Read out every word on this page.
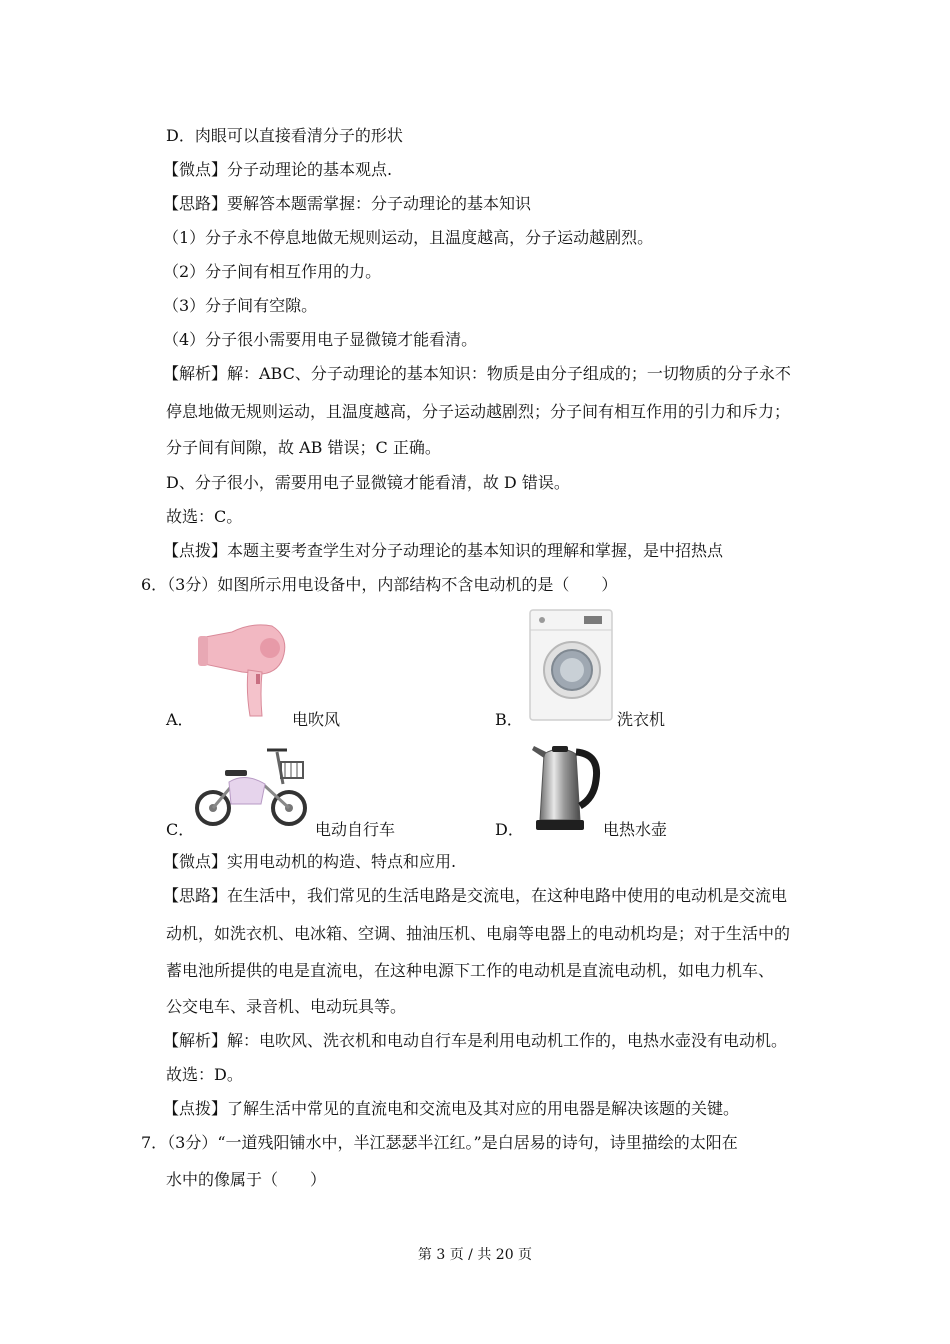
D．肉眼可以直接看清分子的形状
【微点】分子动理论的基本观点.
【思路】要解答本题需掌握：分子动理论的基本知识
（1）分子永不停息地做无规则运动，且温度越高，分子运动越剧烈。
（2）分子间有相互作用的力。
（3）分子间有空隙。
（4）分子很小需要用电子显微镜才能看清。
【解析】解：ABC、分子动理论的基本知识：物质是由分子组成的；一切物质的分子永不
停息地做无规则运动，且温度越高，分子运动越剧烈；分子间有相互作用的引力和斥力；
分子间有间隙，故 AB 错误；C 正确。
D、分子很小，需要用电子显微镜才能看清，故 D 错误。
故选：C。
【点拨】本题主要考查学生对分子动理论的基本知识的理解和掌握，是中招热点
6．（3分）如图所示用电设备中，内部结构不含电动机的是（　　）
A．	电吹风	B．	洗衣机
C．	电动自行车	D．	电热水壶
【微点】实用电动机的构造、特点和应用.
【思路】在生活中，我们常见的生活电路是交流电，在这种电路中使用的电动机是交流电
动机，如洗衣机、电冰箱、空调、抽油压机、电扇等电器上的电动机均是；对于生活中的
蓄电池所提供的电是直流电，在这种电源下工作的电动机是直流电动机，如电力机车、
公交电车、录音机、电动玩具等。
【解析】解：电吹风、洗衣机和电动自行车是利用电动机工作的，电热水壶没有电动机。
故选：D。
【点拨】了解生活中常见的直流电和交流电及其对应的用电器是解决该题的关键。
7．（3分）“一道残阳铺水中，半江瑟瑟半江红。”是白居易的诗句，诗里描绘的太阳在
水中的像属于（　　）
第 3 页 / 共 20 页
